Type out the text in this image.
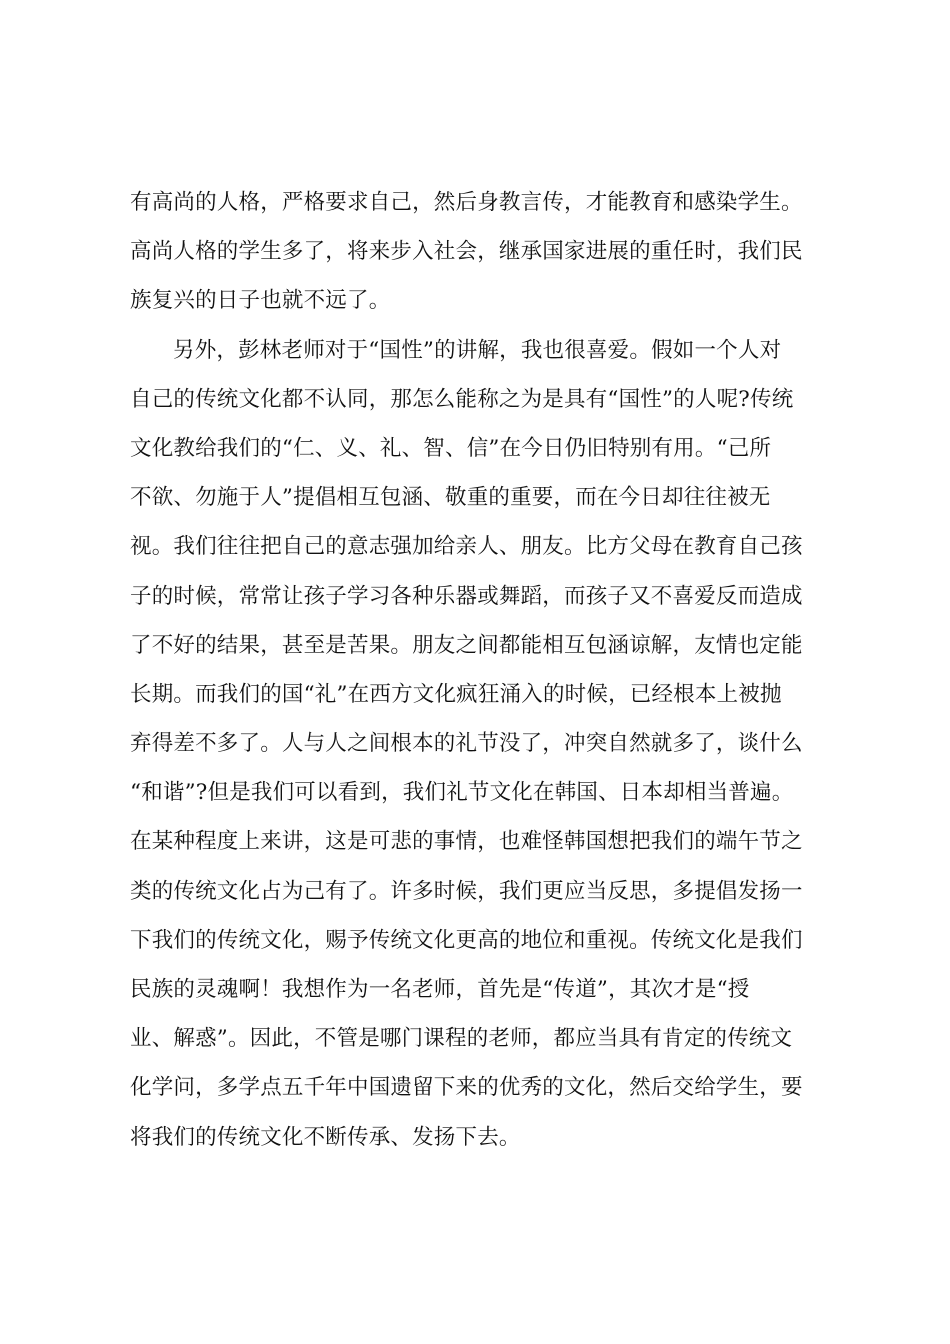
有高尚的人格，严格要求自己，然后身教言传，才能教育和感染学生。
高尚人格的学生多了，将来步入社会，继承国家进展的重任时，我们民
族复兴的日子也就不远了。
另外，彭林老师对于“国性”的讲解，我也很喜爱。假如一个人对
自己的传统文化都不认同，那怎么能称之为是具有“国性”的人呢?传统
文化教给我们的“仁、义、礼、智、信”在今日仍旧特别有用。“己所
不欲、勿施于人”提倡相互包涵、敬重的重要，而在今日却往往被无
视。我们往往把自己的意志强加给亲人、朋友。比方父母在教育自己孩
子的时候，常常让孩子学习各种乐器或舞蹈，而孩子又不喜爱反而造成
了不好的结果，甚至是苦果。朋友之间都能相互包涵谅解，友情也定能
长期。而我们的国“礼”在西方文化疯狂涌入的时候，已经根本上被抛
弃得差不多了。人与人之间根本的礼节没了，冲突自然就多了，谈什么
“和谐”?但是我们可以看到，我们礼节文化在韩国、日本却相当普遍。
在某种程度上来讲，这是可悲的事情，也难怪韩国想把我们的端午节之
类的传统文化占为己有了。许多时候，我们更应当反思，多提倡发扬一
下我们的传统文化，赐予传统文化更高的地位和重视。传统文化是我们
民族的灵魂啊！我想作为一名老师，首先是“传道”，其次才是“授
业、解惑”。因此，不管是哪门课程的老师，都应当具有肯定的传统文
化学问，多学点五千年中国遗留下来的优秀的文化，然后交给学生，要
将我们的传统文化不断传承、发扬下去。
